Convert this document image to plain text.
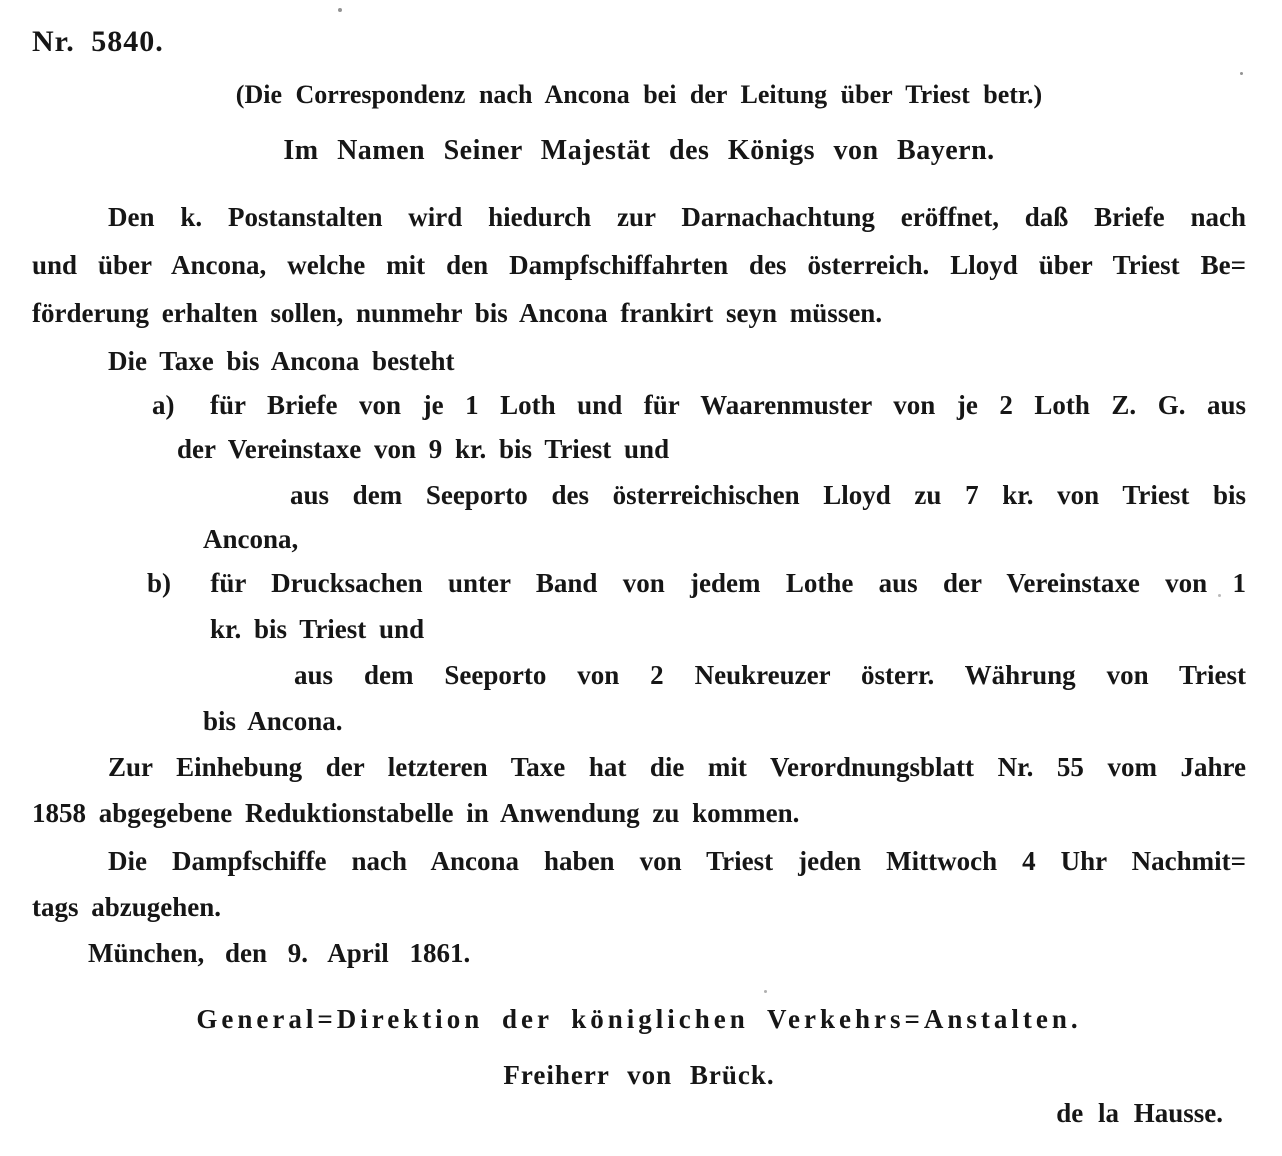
Nr. 5840.
(Die Correspondenz nach Ancona bei der Leitung über Triest betr.)
Im Namen Seiner Majestät des Königs von Bayern.
Den k. Postanstalten wird hiedurch zur Darnachachtung eröffnet, daß Briefe nach
und über Ancona, welche mit den Dampfschiffahrten des österreich. Lloyd über Triest Be=
förderung erhalten sollen, nunmehr bis Ancona frankirt seyn müssen.
Die Taxe bis Ancona besteht
a) für Briefe von je 1 Loth und für Waarenmuster von je 2 Loth Z. G. aus
der Vereinstaxe von 9 kr. bis Triest und
aus dem Seeporto des österreichischen Lloyd zu 7 kr. von Triest bis
Ancona,
b) für Drucksachen unter Band von jedem Lothe aus der Vereinstaxe von 1
kr. bis Triest und
aus dem Seeporto von 2 Neukreuzer österr. Währung von Triest
bis Ancona.
Zur Einhebung der letzteren Taxe hat die mit Verordnungsblatt Nr. 55 vom Jahre
1858 abgegebene Reduktionstabelle in Anwendung zu kommen.
Die Dampfschiffe nach Ancona haben von Triest jeden Mittwoch 4 Uhr Nachmit=
tags abzugehen.
München, den 9. April 1861.
General=Direktion der königlichen Verkehrs=Anstalten.
Freiherr von Brück.
de la Hausse.
